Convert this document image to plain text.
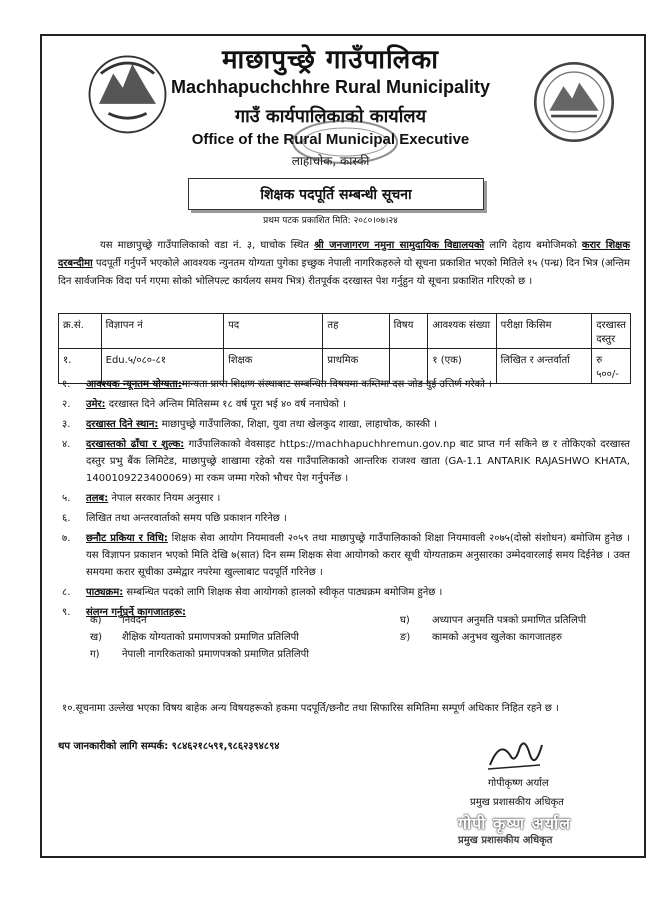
माछापुच्छ्रे गाउँपालिका
Machhapuchchhre Rural Municipality
गाउँ कार्यपालिकाको कार्यालय
Office of the Rural Municipal Executive
लाहाचोक, कास्की
शिक्षक पदपूर्ति सम्बन्धी सूचना
प्रथम पटक प्रकाशित मिति: २०८०।०७।२४
यस माछापुच्छ्रे गाउँपालिकाको वडा नं. ३, घाचोक स्थित श्री जनजागरण नमुना सामुदायिक विद्यालयको लागि देहाय बमोजिमको करार शिक्षक दरबन्दीमा पदपूर्ती गर्नुपर्ने भएकोले आवश्यक न्युनतम योग्यता पुगेका इच्छुक नेपाली नागरिकहरुले यो सूचना प्रकाशित भएको मितिले १५ (पन्ध्र) दिन भित्र (अन्तिम दिन सार्वजनिक विदा पर्न गएमा सोको भोलिपल्ट कार्यलय समय भित्र) रीतपूर्वक दरखास्त पेश गर्नुहुन यो सूचना प्रकाशित गरिएको छ ।
क्र.सं.	विज्ञापन नं	पद	तह	विषय	आवश्यक संख्या	परीक्षा किसिम	दरखास्त दस्तुर
१.	Edu.५/०८०-८१	शिक्षक	प्राथमिक		१ (एक)	लिखित र अन्तर्वार्ता	रु ५००/-
१.	आवश्यक न्यूनतम योग्यता:मान्यता प्राप्त शिक्षण संस्थाबाट सम्बन्धित विषयमा कम्तिमा दस जोड दुई उत्तिर्ण गरेको ।
२.	उमेर: दरखास्त दिने अन्तिम मितिसम्म १८ वर्ष पूरा भई ४० वर्ष ननाघेको ।
३.	दरखास्त दिने स्थान: माछापुच्छ्रे गाउँपालिका, शिक्षा, युवा तथा खेलकुद शाखा, लाहाचोक, कास्की ।
४.	दरखास्तको ढाँचा र शुल्क: गाउँपालिकाको वेवसाइट https://machhapuchhremun.gov.np बाट प्राप्त गर्न सकिने छ र तोकिएको दरखास्त दस्तुर प्रभु बैंक लिमिटेड, माछापुच्छ्रे शाखामा रहेको यस गाउँपालिकाको आन्तरिक राजश्व खाता (GA-1.1 ANTARIK RAJASHWO KHATA, 1400109223400069) मा रकम जम्मा गरेको भौचर पेश गर्नुपर्नेछ ।
५.	तलब: नेपाल सरकार नियम अनुसार ।
६.	लिखित तथा अन्तरवार्ताको समय पछि प्रकाशन गरिनेछ ।
७.	छनौट प्रकिया र विधि: शिक्षक सेवा आयोग नियमावली २०५९ तथा माछापुच्छ्रे गाउँपालिकाको शिक्षा नियमावली २०७५(दोस्रो संशोधन) बमोजिम हुनेछ ।यस विज्ञापन प्रकाशन भएको मिति देखि ७(सात) दिन सम्म शिक्षक सेवा आयोगको करार सूची योग्यताक्रम अनुसारका उम्मेदवारलाई समय दिईनेछ । उक्त समयमा करार सूचीका उम्मेद्वार नपरेमा खुल्लाबाट पदपूर्ति गरिनेछ ।
८.	पाठ्यक्रम: सम्बन्धित पदको लागि शिक्षक सेवा आयोगको हालको स्वीकृत पाठ्यक्रम बमोजिम हुनेछ ।
९.	संलग्न गर्नुपर्ने कागजातहरू:
क)	निवेदन
ख)	शैक्षिक योग्यताको प्रमाणपत्रको प्रमाणित प्रतिलिपी
ग)	नेपाली नागरिकताको प्रमाणपत्रको प्रमाणित प्रतिलिपी
घ)	अध्यापन अनुमति पत्रको प्रमाणित प्रतिलिपी
ङ)	कामको अनुभव खुलेका कागजातहरु
१०.सूचनामा उल्लेख भएका विषय बाहेक अन्य विषयहरूको हकमा पदपूर्ति/छनौट तथा सिफारिस समितिमा सम्पूर्ण अधिकार निहित रहने छ ।
थप जानकारीको लागि सम्पर्क: ९८४६२१८५९१,९८६२३९४८९४
गोपीकृष्ण अर्याल
प्रमुख प्रशासकीय अधिकृत
गोपी कृष्ण अर्याल
प्रमुख प्रशासकीय अधिकृत
